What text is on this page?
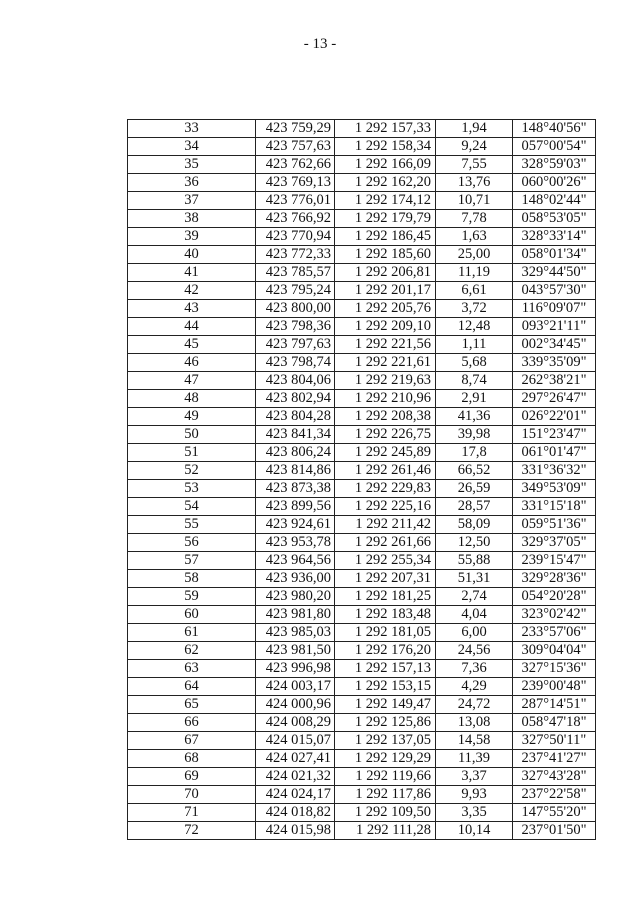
- 13 -
33	423 759,29	1 292 157,33	1,94	148°40'56"
34	423 757,63	1 292 158,34	9,24	057°00'54"
35	423 762,66	1 292 166,09	7,55	328°59'03"
36	423 769,13	1 292 162,20	13,76	060°00'26"
37	423 776,01	1 292 174,12	10,71	148°02'44"
38	423 766,92	1 292 179,79	7,78	058°53'05"
39	423 770,94	1 292 186,45	1,63	328°33'14"
40	423 772,33	1 292 185,60	25,00	058°01'34"
41	423 785,57	1 292 206,81	11,19	329°44'50"
42	423 795,24	1 292 201,17	6,61	043°57'30"
43	423 800,00	1 292 205,76	3,72	116°09'07"
44	423 798,36	1 292 209,10	12,48	093°21'11"
45	423 797,63	1 292 221,56	1,11	002°34'45"
46	423 798,74	1 292 221,61	5,68	339°35'09"
47	423 804,06	1 292 219,63	8,74	262°38'21"
48	423 802,94	1 292 210,96	2,91	297°26'47"
49	423 804,28	1 292 208,38	41,36	026°22'01"
50	423 841,34	1 292 226,75	39,98	151°23'47"
51	423 806,24	1 292 245,89	17,8	061°01'47"
52	423 814,86	1 292 261,46	66,52	331°36'32"
53	423 873,38	1 292 229,83	26,59	349°53'09"
54	423 899,56	1 292 225,16	28,57	331°15'18"
55	423 924,61	1 292 211,42	58,09	059°51'36"
56	423 953,78	1 292 261,66	12,50	329°37'05"
57	423 964,56	1 292 255,34	55,88	239°15'47"
58	423 936,00	1 292 207,31	51,31	329°28'36"
59	423 980,20	1 292 181,25	2,74	054°20'28"
60	423 981,80	1 292 183,48	4,04	323°02'42"
61	423 985,03	1 292 181,05	6,00	233°57'06"
62	423 981,50	1 292 176,20	24,56	309°04'04"
63	423 996,98	1 292 157,13	7,36	327°15'36"
64	424 003,17	1 292 153,15	4,29	239°00'48"
65	424 000,96	1 292 149,47	24,72	287°14'51"
66	424 008,29	1 292 125,86	13,08	058°47'18"
67	424 015,07	1 292 137,05	14,58	327°50'11"
68	424 027,41	1 292 129,29	11,39	237°41'27"
69	424 021,32	1 292 119,66	3,37	327°43'28"
70	424 024,17	1 292 117,86	9,93	237°22'58"
71	424 018,82	1 292 109,50	3,35	147°55'20"
72	424 015,98	1 292 111,28	10,14	237°01'50"
